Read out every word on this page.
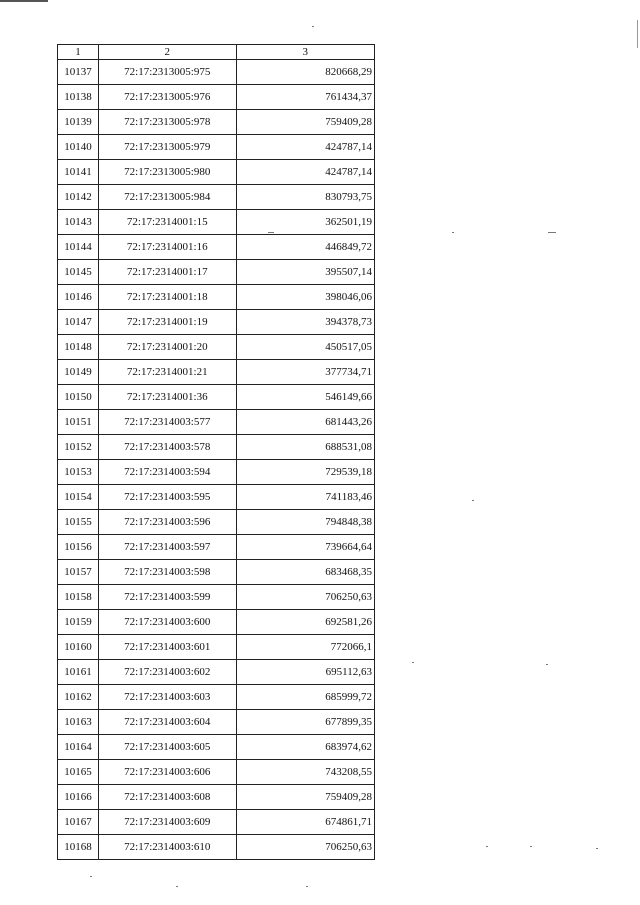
1	2	3
10137	72:17:2313005:975	820668,29
10138	72:17:2313005:976	761434,37
10139	72:17:2313005:978	759409,28
10140	72:17:2313005:979	424787,14
10141	72:17:2313005:980	424787,14
10142	72:17:2313005:984	830793,75
10143	72:17:2314001:15	362501,19
10144	72:17:2314001:16	446849,72
10145	72:17:2314001:17	395507,14
10146	72:17:2314001:18	398046,06
10147	72:17:2314001:19	394378,73
10148	72:17:2314001:20	450517,05
10149	72:17:2314001:21	377734,71
10150	72:17:2314001:36	546149,66
10151	72:17:2314003:577	681443,26
10152	72:17:2314003:578	688531,08
10153	72:17:2314003:594	729539,18
10154	72:17:2314003:595	741183,46
10155	72:17:2314003:596	794848,38
10156	72:17:2314003:597	739664,64
10157	72:17:2314003:598	683468,35
10158	72:17:2314003:599	706250,63
10159	72:17:2314003:600	692581,26
10160	72:17:2314003:601	772066,1
10161	72:17:2314003:602	695112,63
10162	72:17:2314003:603	685999,72
10163	72:17:2314003:604	677899,35
10164	72:17:2314003:605	683974,62
10165	72:17:2314003:606	743208,55
10166	72:17:2314003:608	759409,28
10167	72:17:2314003:609	674861,71
10168	72:17:2314003:610	706250,63
